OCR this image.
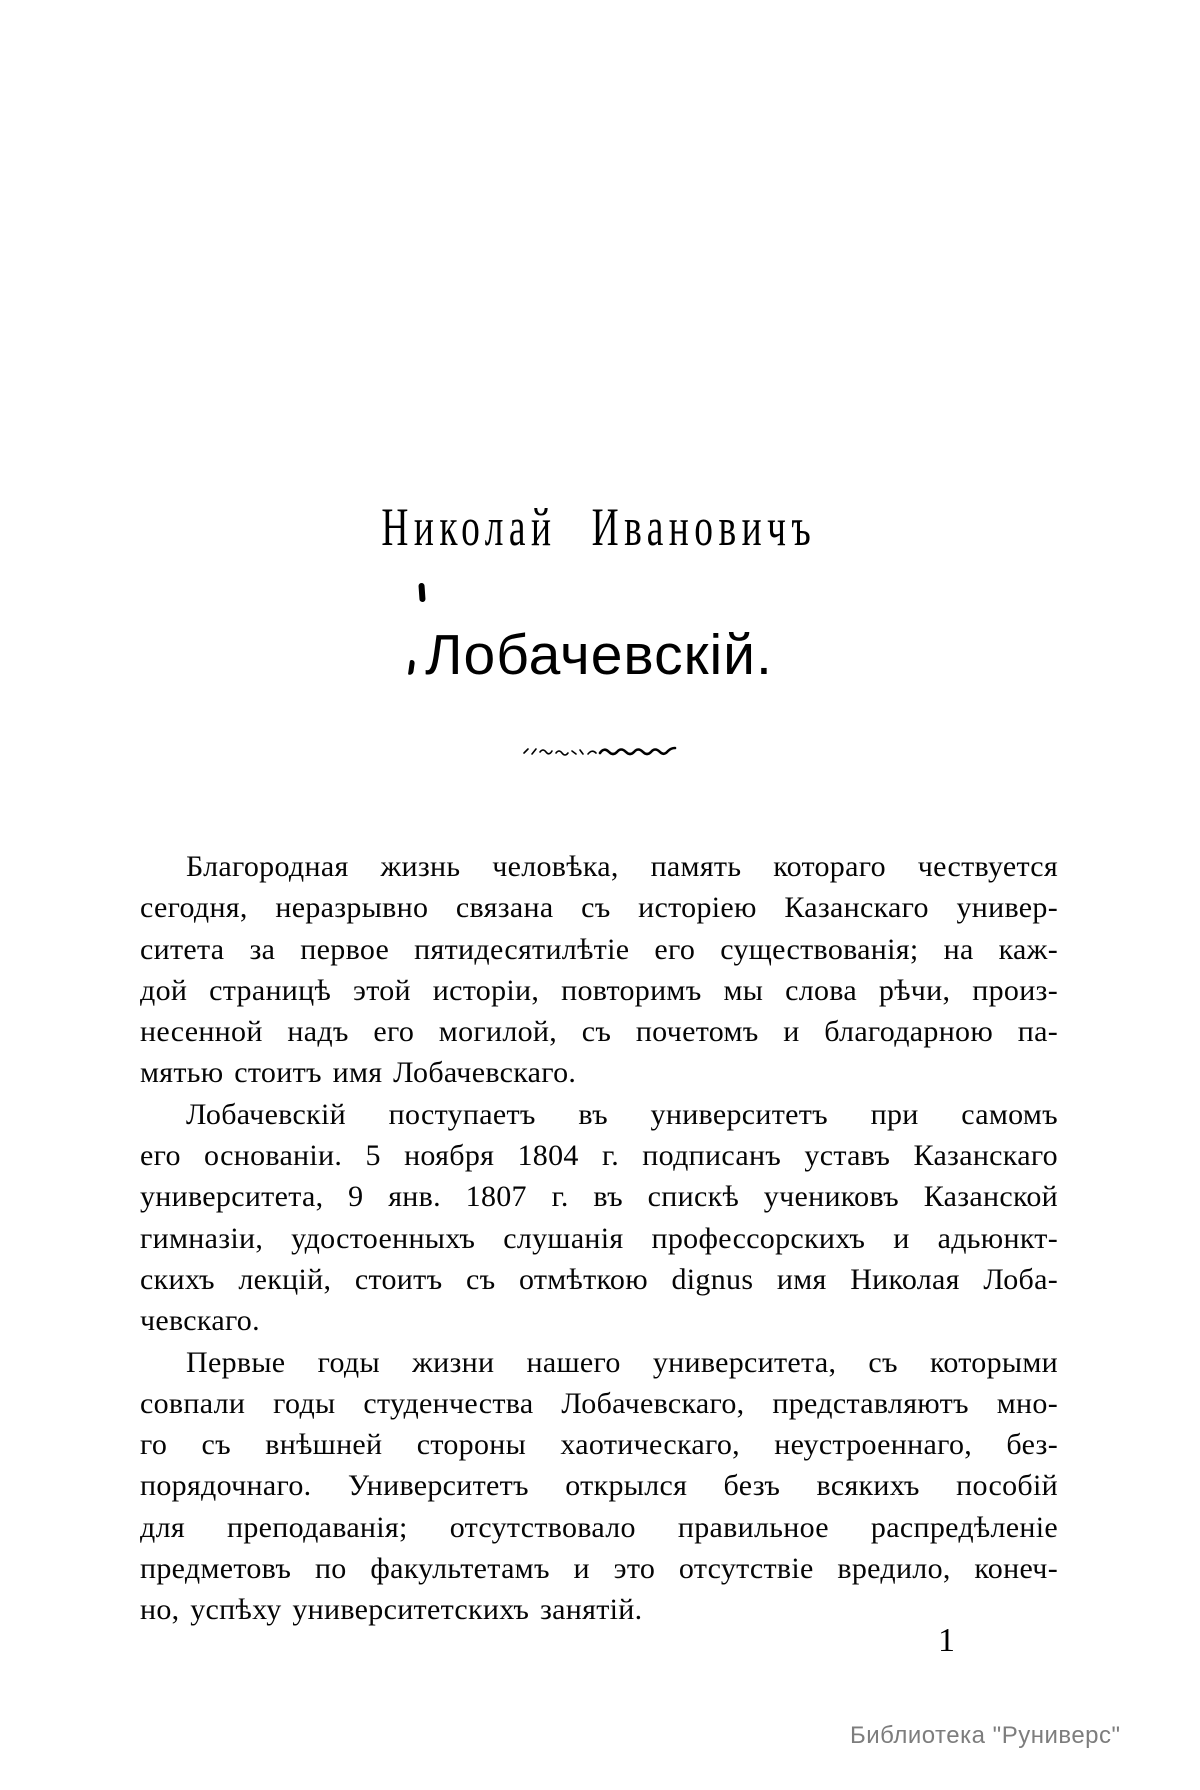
Николай Ивановичъ
Лобачевскій.
Благородная жизнь человѣка, память котораго чествуется
сегодня, неразрывно связана съ исторіею Казанскаго универ-
ситета за первое пятидесятилѣтіе его существованія; на каж-
дой страницѣ этой исторіи, повторимъ мы слова рѣчи, произ-
несенной надъ его могилой, съ почетомъ и благодарною па-
мятью стоитъ имя Лобачевскаго.
Лобачевскій поступаетъ въ университетъ при самомъ
его основаніи. 5 ноября 1804 г. подписанъ уставъ Казанскаго
университета, 9 янв. 1807 г. въ спискѣ учениковъ Казанской
гимназіи, удостоенныхъ слушанія профессорскихъ и адьюнкт-
скихъ лекцій, стоитъ съ отмѣткою dignus имя Николая Лоба-
чевскаго.
Первые годы жизни нашего университета, съ которыми
совпали годы студенчества Лобачевскаго, представляютъ мно-
го съ внѣшней стороны хаотическаго, неустроеннаго, без-
порядочнаго. Университетъ открылся безъ всякихъ пособій
для преподаванія; отсутствовало правильное распредѣленіе
предметовъ по факультетамъ и это отсутствіе вредило, конеч-
но, успѣху университетскихъ занятій.
1
Библиотека "Руниверс"
